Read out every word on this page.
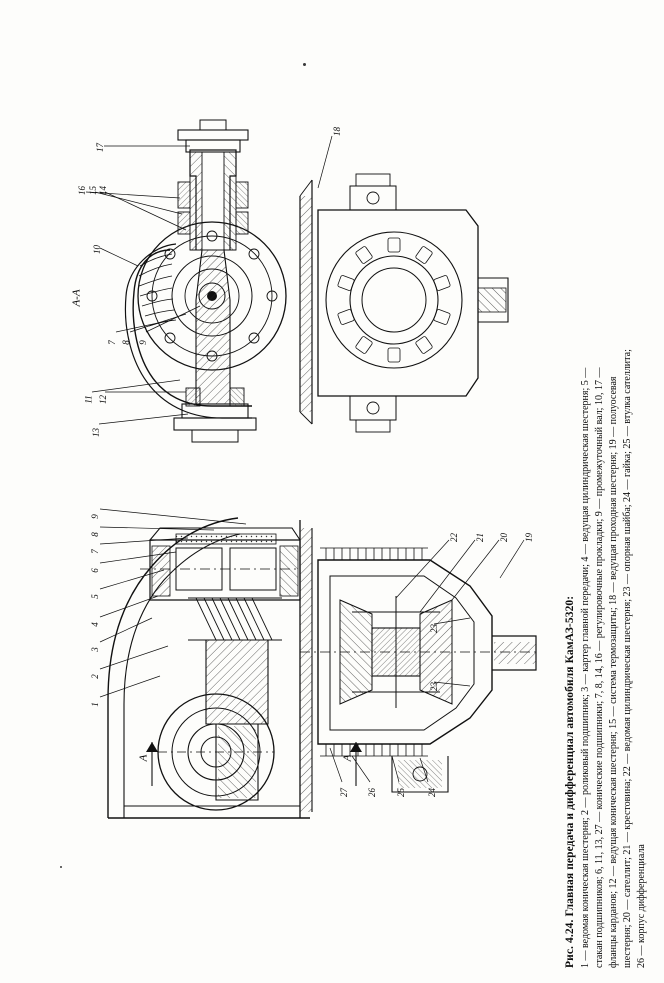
А-А
А	А
17
16 15 14
18
10
9
8
7
12
11
13
1
2
3
4
5
6
7
8
9
19
20
21
22
23
23
24
25
26
27
Рис. 4.24. Главная передача и дифференциал автомобиля КамАЗ-5320: 1 — ведомая коническая шестерня; 2 — роликовый подшипник; 3 — картер главной передачи; 4 — ведущая цилиндрическая шестерня; 5 — стакан подшипников; 6, 11, 13, 27 — конические подшипники; 7, 8, 14, 16 — регулировочные прокладки; 9 — промежуточный вал; 10, 17 — фланцы карданов; 12 — ведущая коническая шестерня; 15 — система термозащиты; 18 — ведущая проходная шестерня; 19 — полуосевая шестерня; 20 — сателлит; 21 — крестовина; 22 — ведомая цилиндрическая шестерня; 23 — опорная шайба; 24 — гайка; 25 — втулка сателлита; 26 — корпус дифференциала
